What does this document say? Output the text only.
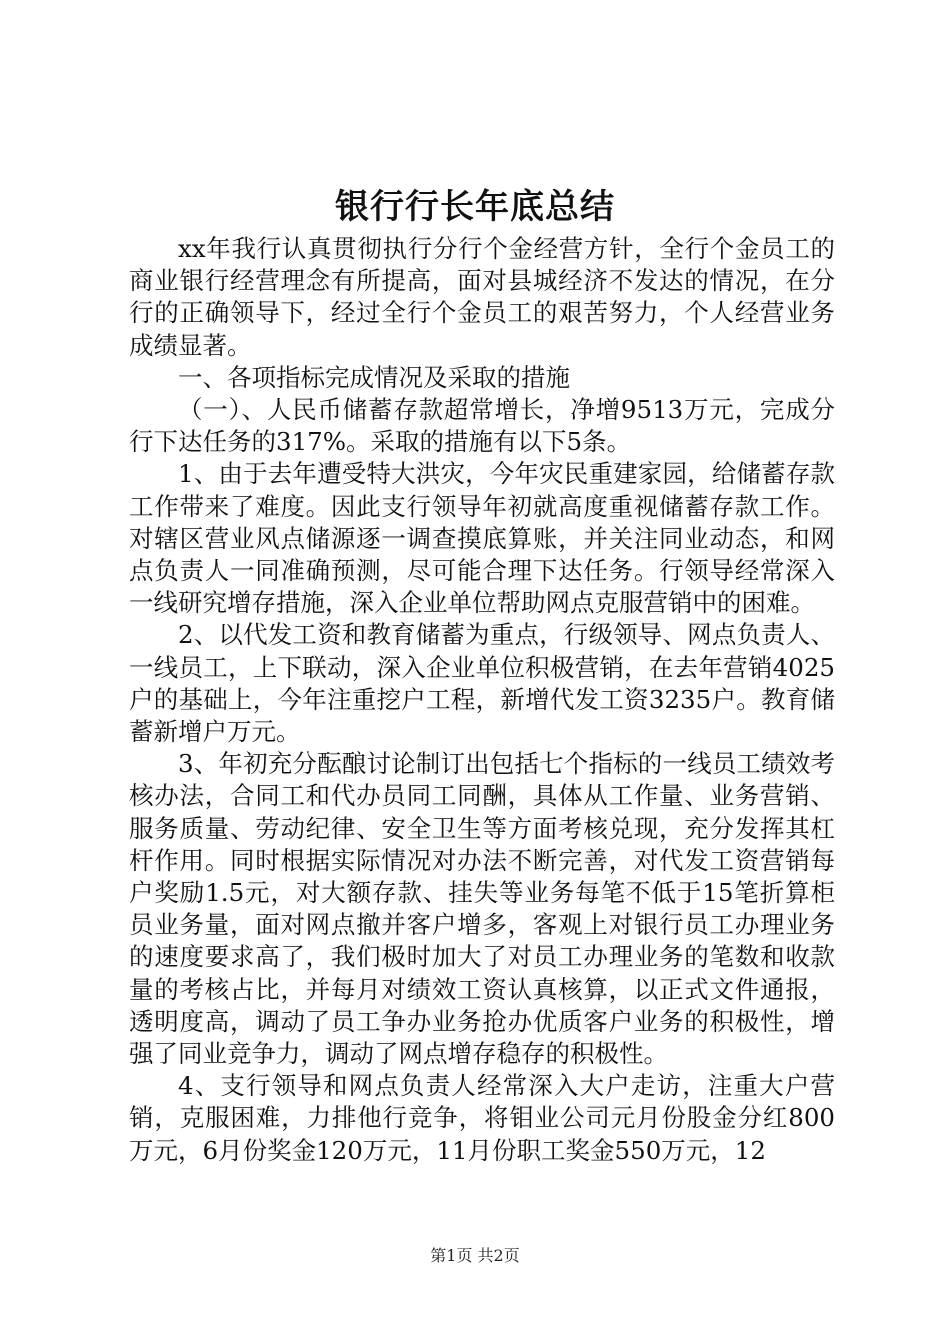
银行行长年底总结

xx年我行认真贯彻执行分行个金经营方针，全行个金员工的商业银行经营理念有所提高，面对县城经济不发达的情况，在分行的正确领导下，经过全行个金员工的艰苦努力，个人经营业务成绩显著。

一、各项指标完成情况及采取的措施

（一）、人民币储蓄存款超常增长，净增9513万元，完成分行下达任务的317%。采取的措施有以下5条。

1、由于去年遭受特大洪灾，今年灾民重建家园，给储蓄存款工作带来了难度。因此支行领导年初就高度重视储蓄存款工作。对辖区营业风点储源逐一调查摸底算账，并关注同业动态，和网点负责人一同准确预测，尽可能合理下达任务。行领导经常深入一线研究增存措施，深入企业单位帮助网点克服营销中的困难。

2、以代发工资和教育储蓄为重点，行级领导、网点负责人、一线员工，上下联动，深入企业单位积极营销，在去年营销4025户的基础上，今年注重挖户工程，新增代发工资3235户。教育储蓄新增户万元。

3、年初充分酝酿讨论制订出包括七个指标的一线员工绩效考核办法，合同工和代办员同工同酬，具体从工作量、业务营销、服务质量、劳动纪律、安全卫生等方面考核兑现，充分发挥其杠杆作用。同时根据实际情况对办法不断完善，对代发工资营销每户奖励1.5元，对大额存款、挂失等业务每笔不低于15笔折算柜员业务量，面对网点撤并客户增多，客观上对银行员工办理业务的速度要求高了，我们极时加大了对员工办理业务的笔数和收款量的考核占比，并每月对绩效工资认真核算，以正式文件通报，透明度高，调动了员工争办业务抢办优质客户业务的积极性，增强了同业竞争力，调动了网点增存稳存的积极性。

4、支行领导和网点负责人经常深入大户走访，注重大户营销，克服困难，力排他行竞争，将钼业公司元月份股金分红800万元，6月份奖金120万元，11月份职工奖金550万元，12

第1页 共2页
